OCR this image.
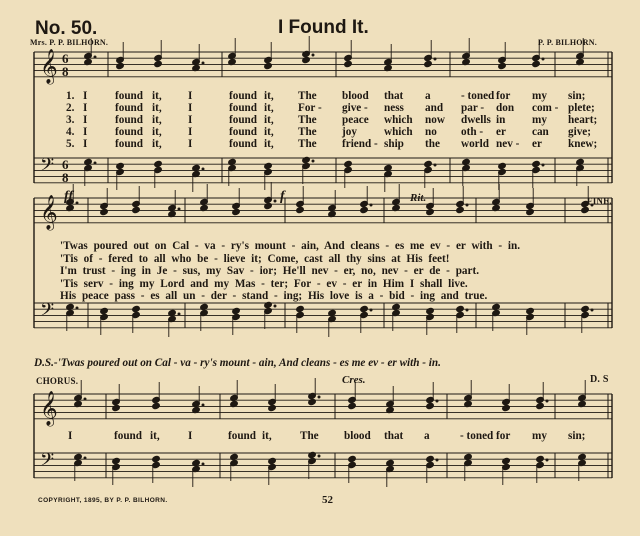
No. 50.	I Found It.
Mrs. P. P. BILHORN.	P. P. BILHORN.
𝄞
𝄞
𝄞
𝄢
𝄢
𝄢
6
8
6
8
1. I found it, I	found it, The blood that a	- toned for my sin;
2. I found it, I	found it, For - give - ness and par - don com - plete;
3. I found it, I	found it, The peace which now dwells in my heart;
4. I found it, I	found it, The joy which no oth - er can give;
5. I found it, I	found it, The friend - ship the world nev - er knew;
ff	f	Rit.	FINE.
'Twas poured out on Cal - va - ry's mount - ain, And cleans - es me ev - er with - in.
'Tis of - fered to all who be - lieve it; Come, cast all thy sins at His feet!
I'm trust - ing in Je - sus, my Sav - ior; He'll nev - er, no, nev - er de - part.
'Tis serv - ing my Lord and my Mas - ter; For - ev - er in Him I shall live.
His peace pass - es all un - der - stand - ing; His love is a - bid - ing and true.
D.S.-'Twas poured out on Cal - va - ry's mount - ain, And cleans - es me ev - er with - in.
CHORUS.	Cres.	D. S
I	found it,	I	found it,	The blood that a	- toned for my sin;
COPYRIGHT, 1895, BY P. P. BILHORN.	52
